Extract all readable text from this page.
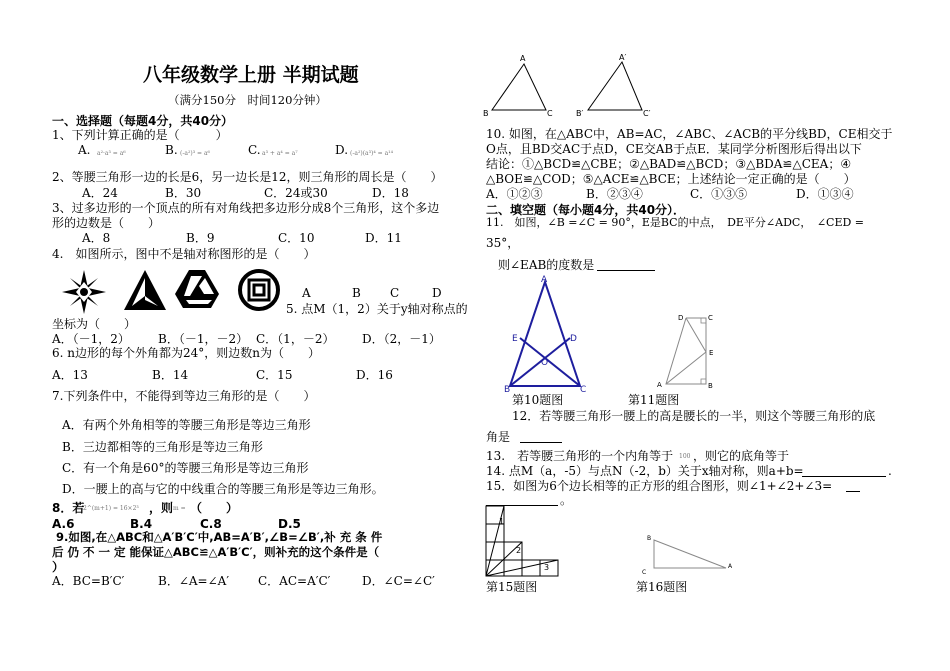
八年级数学上册 半期试题
（满分150分　时间120分钟）
一、选择题（每题4分，共40分）
1、下列计算正确的是（　　　）
A. a²·a³ = a⁶	B. (-a²)³ = a⁶	C. a³ + a⁴ = a⁷	D. (-a²)(a³)⁴ = a¹⁴
2、等腰三角形一边的长是6，另一边长是12，则三角形的周长是（　　）
A．24	B．30	C．24或30	D．18
3、过多边形的一个顶点的所有对角线把多边形分成8个三角形，这个多边
形的边数是（　　）
A．8	B．9	C．10	D．11
4.　如图所示，图中不是轴对称图形的是（　　）
A	B C	D
5. 点M（1，2）关于y轴对称点的
坐标为（　　）
A．（－1，2） B．（－1，－2） C．（1，－2） D．（2，－1）
6. n边形的每个外角都为24°，则边数n为（　　）
A．13	B．14	C．15	D．16
7.下列条件中，不能得到等边三角形的是（　　）
A．有两个外角相等的等腰三角形是等边三角形
B．三边都相等的三角形是等边三角形
C．有一个角是60°的等腰三角形是等边三角形
D．一腰上的高与它的中线重合的等腰三角形是等边三角形。
8．若
2^(m+1) = 16×2³ ，则 m = （　　）
A.6	B.4	C.8	D.5
9.如图,在△ABC和△A′B′C′中,AB=A′B′,∠B=∠B′,补 充 条 件
后 仍 不 一 定 能保证△ABC≌△A′B′C′，则补充的这个条件是（
）
A．BC=B′C′	B．∠A=∠A′ C．AC=A′C′	D．∠C=∠C′
A
B	C
A′
B′	C′
10. 如图，在△ABC中，AB=AC，∠ABC、∠ACB的平分线BD，CE相交于
O点，且BD交AC于点D，CE交AB于点E．某同学分析图形后得出以下
结论：①△BCD≌△CBE；②△BAD≌△BCD；③△BDA≌△CEA；④
△BOE≌△COD；⑤△ACE≌△BCE；上述结论一定正确的是（　　）
A．①②③	B．②③④	C．①③⑤	D．①③④
二、填空题（每小题4分，共40分）．
11.　如图，∠B =∠C = 90°，E是BC的中点，　DE平分∠ADC，　∠CED =
35°，
则∠EAB的度数是
A
E	D
O
B	C
第10题图
D	C
E
A	B
第11题图
12．若等腰三角形一腰上的高是腰长的一半，则这个等腰三角形的底
角是
13.　若等腰三角形的一个内角等于 100 ，则它的底角等于
14. 点M（a，-5）与点N（-2，b）关于x轴对称，则a+b=	.
15．如图为6个边长相等的正方形的组合图形，则∠1+∠2+∠3=
。
1
2
3
第15题图
B
C
A
第16题图
